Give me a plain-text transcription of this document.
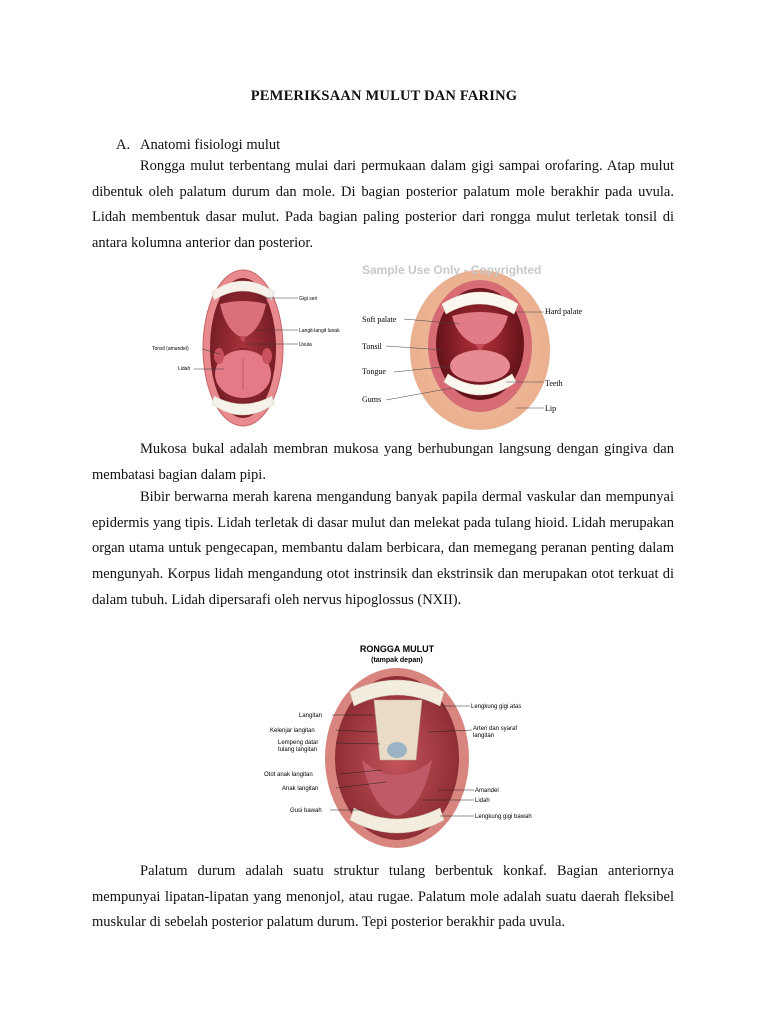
PEMERIKSAAN MULUT DAN FARING
A. Anatomi fisiologi mulut
Rongga mulut terbentang mulai dari permukaan dalam gigi sampai orofaring. Atap mulut dibentuk oleh palatum durum dan mole. Di bagian posterior palatum mole berakhir pada uvula. Lidah membentuk dasar mulut. Pada bagian paling posterior dari rongga mulut terletak tonsil di antara kolumna anterior dan posterior.
Gigi seri
Langit-langit lunak
Uvula
Tonsil (amandel)
Lidah
Sample Use Only - Copyrighted
Hard palate
Soft palate
Tonsil
Tongue
Teeth
Gums
Lip
Mukosa bukal adalah membran mukosa yang berhubungan langsung dengan gingiva dan membatasi bagian dalam pipi.
Bibir berwarna merah karena mengandung banyak papila dermal vaskular dan mempunyai epidermis yang tipis. Lidah terletak di dasar mulut dan melekat pada tulang hioid. Lidah merupakan organ utama untuk pengecapan, membantu dalam berbicara, dan memegang peranan penting dalam mengunyah. Korpus lidah mengandung otot instrinsik dan ekstrinsik dan merupakan otot terkuat di dalam tubuh. Lidah dipersarafi oleh nervus hipoglossus (NXII).
RONGGA MULUT
(tampak depan)
Langitan
Kelenjar langitan
Lempeng datar
tulang langitan
Otot anak langitan
Anak langitan
Gusi bawah
Lengkung gigi atas
Arteri dan syaraf
langitan
Amandel
Lidah
Lengkung gigi bawah
Palatum durum adalah suatu struktur tulang berbentuk konkaf. Bagian anteriornya mempunyai lipatan-lipatan yang menonjol, atau rugae. Palatum mole adalah suatu daerah fleksibel muskular di sebelah posterior palatum durum. Tepi posterior berakhir pada uvula.
